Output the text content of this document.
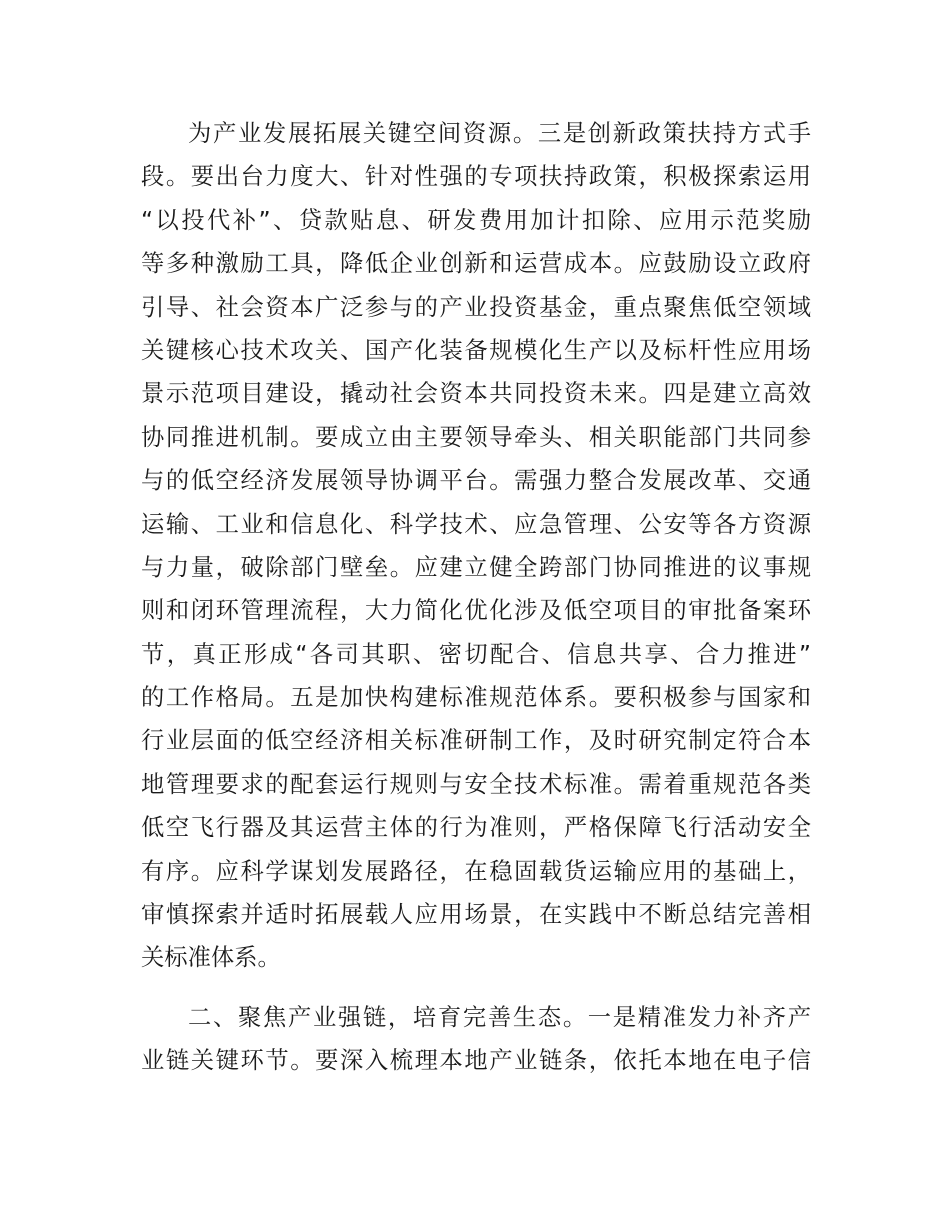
为产业发展拓展关键空间资源。三是创新政策扶持方式手
段。要出台力度大、针对性强的专项扶持政策，积极探索运用
“以投代补”、贷款贴息、研发费用加计扣除、应用示范奖励
等多种激励工具，降低企业创新和运营成本。应鼓励设立政府
引导、社会资本广泛参与的产业投资基金，重点聚焦低空领域
关键核心技术攻关、国产化装备规模化生产以及标杆性应用场
景示范项目建设，撬动社会资本共同投资未来。四是建立高效
协同推进机制。要成立由主要领导牵头、相关职能部门共同参
与的低空经济发展领导协调平台。需强力整合发展改革、交通
运输、工业和信息化、科学技术、应急管理、公安等各方资源
与力量，破除部门壁垒。应建立健全跨部门协同推进的议事规
则和闭环管理流程，大力简化优化涉及低空项目的审批备案环
节，真正形成“各司其职、密切配合、信息共享、合力推进”
的工作格局。五是加快构建标准规范体系。要积极参与国家和
行业层面的低空经济相关标准研制工作，及时研究制定符合本
地管理要求的配套运行规则与安全技术标准。需着重规范各类
低空飞行器及其运营主体的行为准则，严格保障飞行活动安全
有序。应科学谋划发展路径，在稳固载货运输应用的基础上，
审慎探索并适时拓展载人应用场景，在实践中不断总结完善相
关标准体系。
二、聚焦产业强链，培育完善生态。一是精准发力补齐产
业链关键环节。要深入梳理本地产业链条，依托本地在电子信
